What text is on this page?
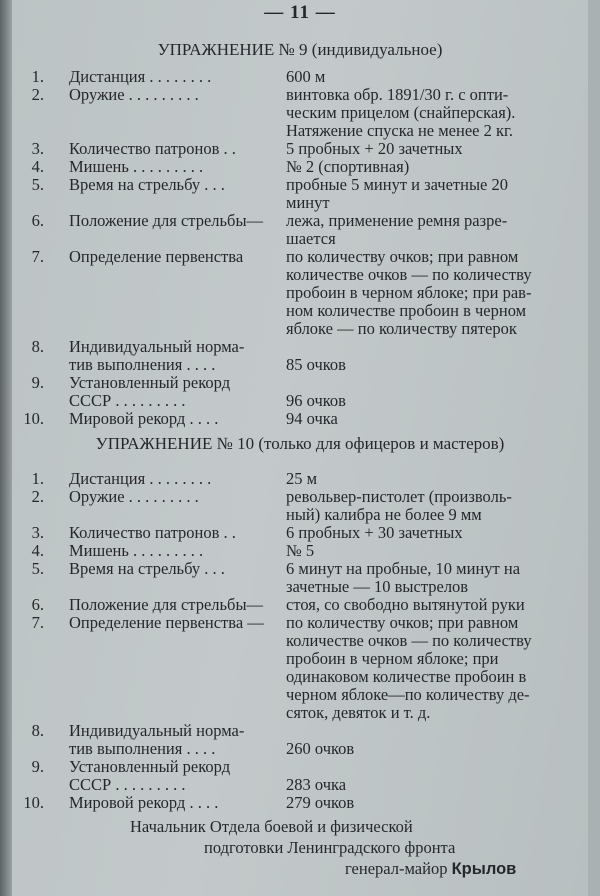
— 11 —
УПРАЖНЕНИЕ № 9 (индивидуальное)
1. Дистанция . . . . . . . .	600 м
2. Оружие . . . . . . . . .	винтовка обр. 1891/30 г. с опти-
ческим прицелом (снайперская).
Натяжение спуска не менее 2 кг.
3. Количество патронов . .	5 пробных + 20 зачетных
4. Мишень . . . . . . . . .	№ 2 (спортивная)
5. Время на стрельбу . . .	пробные 5 минут и зачетные 20
минут
6. Положение для стрельбы— лежа, применение ремня разре-
шается
7. Определение первенства	по количеству очков; при равном
количестве очков — по количеству
пробоин в черном яблоке; при рав-
ном количестве пробоин в черном
яблоке — по количеству пятерок
8. Индивидуальный норма-
тив выполнения . . . .	85 очков
9. Установленный рекорд
СССР . . . . . . . . .	96 очков
10. Мировой рекорд . . . .	94 очка
УПРАЖНЕНИЕ № 10 (только для офицеров и мастеров)
1. Дистанция . . . . . . . .	25 м
2. Оружие . . . . . . . . .	револьвер-пистолет (произволь-
ный) калибра не более 9 мм
3. Количество патронов . .	6 пробных + 30 зачетных
4. Мишень . . . . . . . . .	№ 5
5. Время на стрельбу . . .	6 минут на пробные, 10 минут на
зачетные — 10 выстрелов
6. Положение для стрельбы— стоя, со свободно вытянутой руки
7. Определение первенства — по количеству очков; при равном
количестве очков — по количеству
пробоин в черном яблоке; при
одинаковом количестве пробоин в
черном яблоке—по количеству де-
сяток, девяток и т. д.
8. Индивидуальный норма-
тив выполнения . . . .	260 очков
9. Установленный рекорд
СССР . . . . . . . . .	283 очка
10. Мировой рекорд . . . .	279 очков
Начальник Отдела боевой и физической
подготовки Ленинградского фронта
генерал-майор Крылов
